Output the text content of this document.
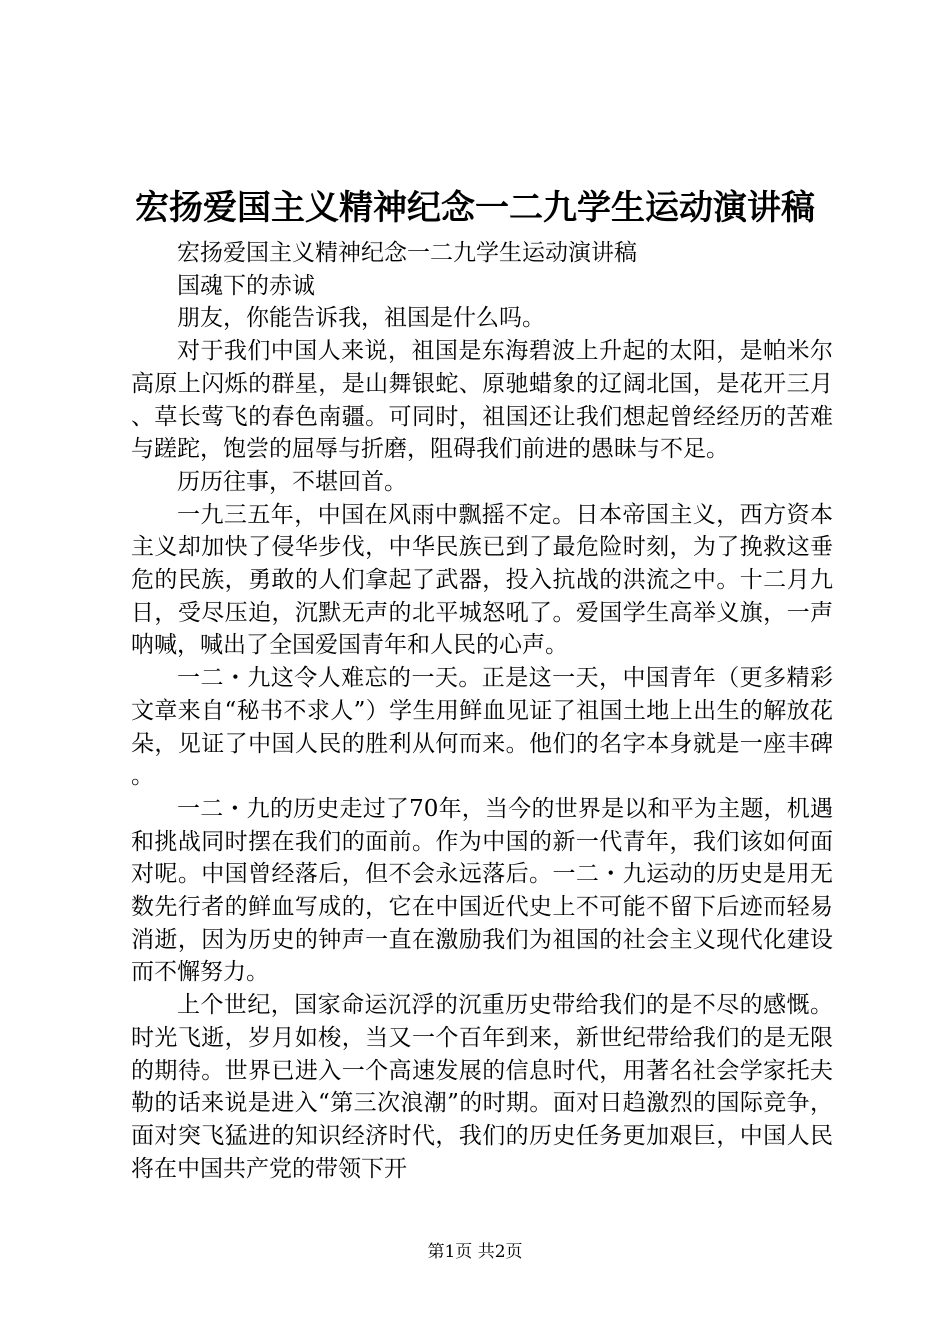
宏扬爱国主义精神纪念一二九学生运动演讲稿

宏扬爱国主义精神纪念一二九学生运动演讲稿

国魂下的赤诚

朋友，你能告诉我，祖国是什么吗。

对于我们中国人来说，祖国是东海碧波上升起的太阳，是帕米尔高原上闪烁的群星，是山舞银蛇、原驰蜡象的辽阔北国，是花开三月、草长莺飞的春色南疆。可同时，祖国还让我们想起曾经经历的苦难与蹉跎，饱尝的屈辱与折磨，阻碍我们前进的愚昧与不足。

历历往事，不堪回首。

一九三五年，中国在风雨中飘摇不定。日本帝国主义，西方资本主义却加快了侵华步伐，中华民族已到了最危险时刻，为了挽救这垂危的民族，勇敢的人们拿起了武器，投入抗战的洪流之中。十二月九日，受尽压迫，沉默无声的北平城怒吼了。爱国学生高举义旗，一声呐喊，喊出了全国爱国青年和人民的心声。

一二・九这令人难忘的一天。正是这一天，中国青年（更多精彩文章来自“秘书不求人”）学生用鲜血见证了祖国土地上出生的解放花朵，见证了中国人民的胜利从何而来。他们的名字本身就是一座丰碑。

一二・九的历史走过了70年，当今的世界是以和平为主题，机遇和挑战同时摆在我们的面前。作为中国的新一代青年，我们该如何面对呢。中国曾经落后，但不会永远落后。一二・九运动的历史是用无数先行者的鲜血写成的，它在中国近代史上不可能不留下后迹而轻易消逝，因为历史的钟声一直在激励我们为祖国的社会主义现代化建设而不懈努力。

上个世纪，国家命运沉浮的沉重历史带给我们的是不尽的感慨。时光飞逝，岁月如梭，当又一个百年到来，新世纪带给我们的是无限的期待。世界已进入一个高速发展的信息时代，用著名社会学家托夫勒的话来说是进入“第三次浪潮”的时期。面对日趋激烈的国际竞争，面对突飞猛进的知识经济时代，我们的历史任务更加艰巨，中国人民将在中国共产党的带领下开

第1页 共2页
